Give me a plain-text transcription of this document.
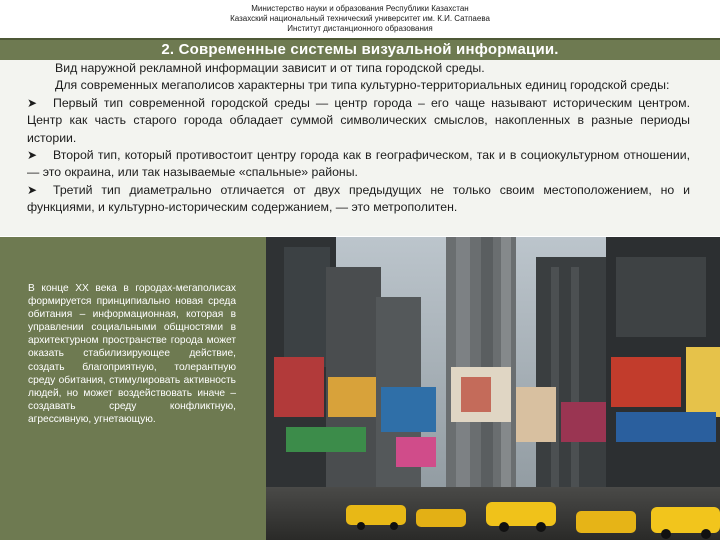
Министерство науки и образования Республики Казахстан
Казахский национальный технический университет им. К.И. Сатпаева
Институт дистанционного образования
2. Современные системы визуальной информации.

Вид наружной рекламной информации зависит и от типа городской среды.

Для современных мегаполисов характерны три типа культурно-территориальных единиц городской среды:

➤ Первый тип современной городской среды — центр города – его чаще называют историческим центром. Центр как часть старого города обладает суммой символических смыслов, накопленных в разные периоды истории.

➤ Второй тип, который противостоит центру города как в географическом, так и в социокультурном отношении, — это окраина, или так называемые «спальные» районы.

➤ Третий тип диаметрально отличается от двух предыдущих не только своим местоположением, но и функциями, и культурно-историческим содержанием, — это метрополитен.

В конце XX века в городах-мегаполисах формируется принципиально новая среда обитания – информационная, которая в управлении социальными общностями в архитектурном пространстве города может оказать стабилизирующее действие, создать благоприятную, толерантную среду обитания, стимулировать активность людей, но может воздействовать иначе – создавать среду конфликтную, агрессивную, угнетающую.
